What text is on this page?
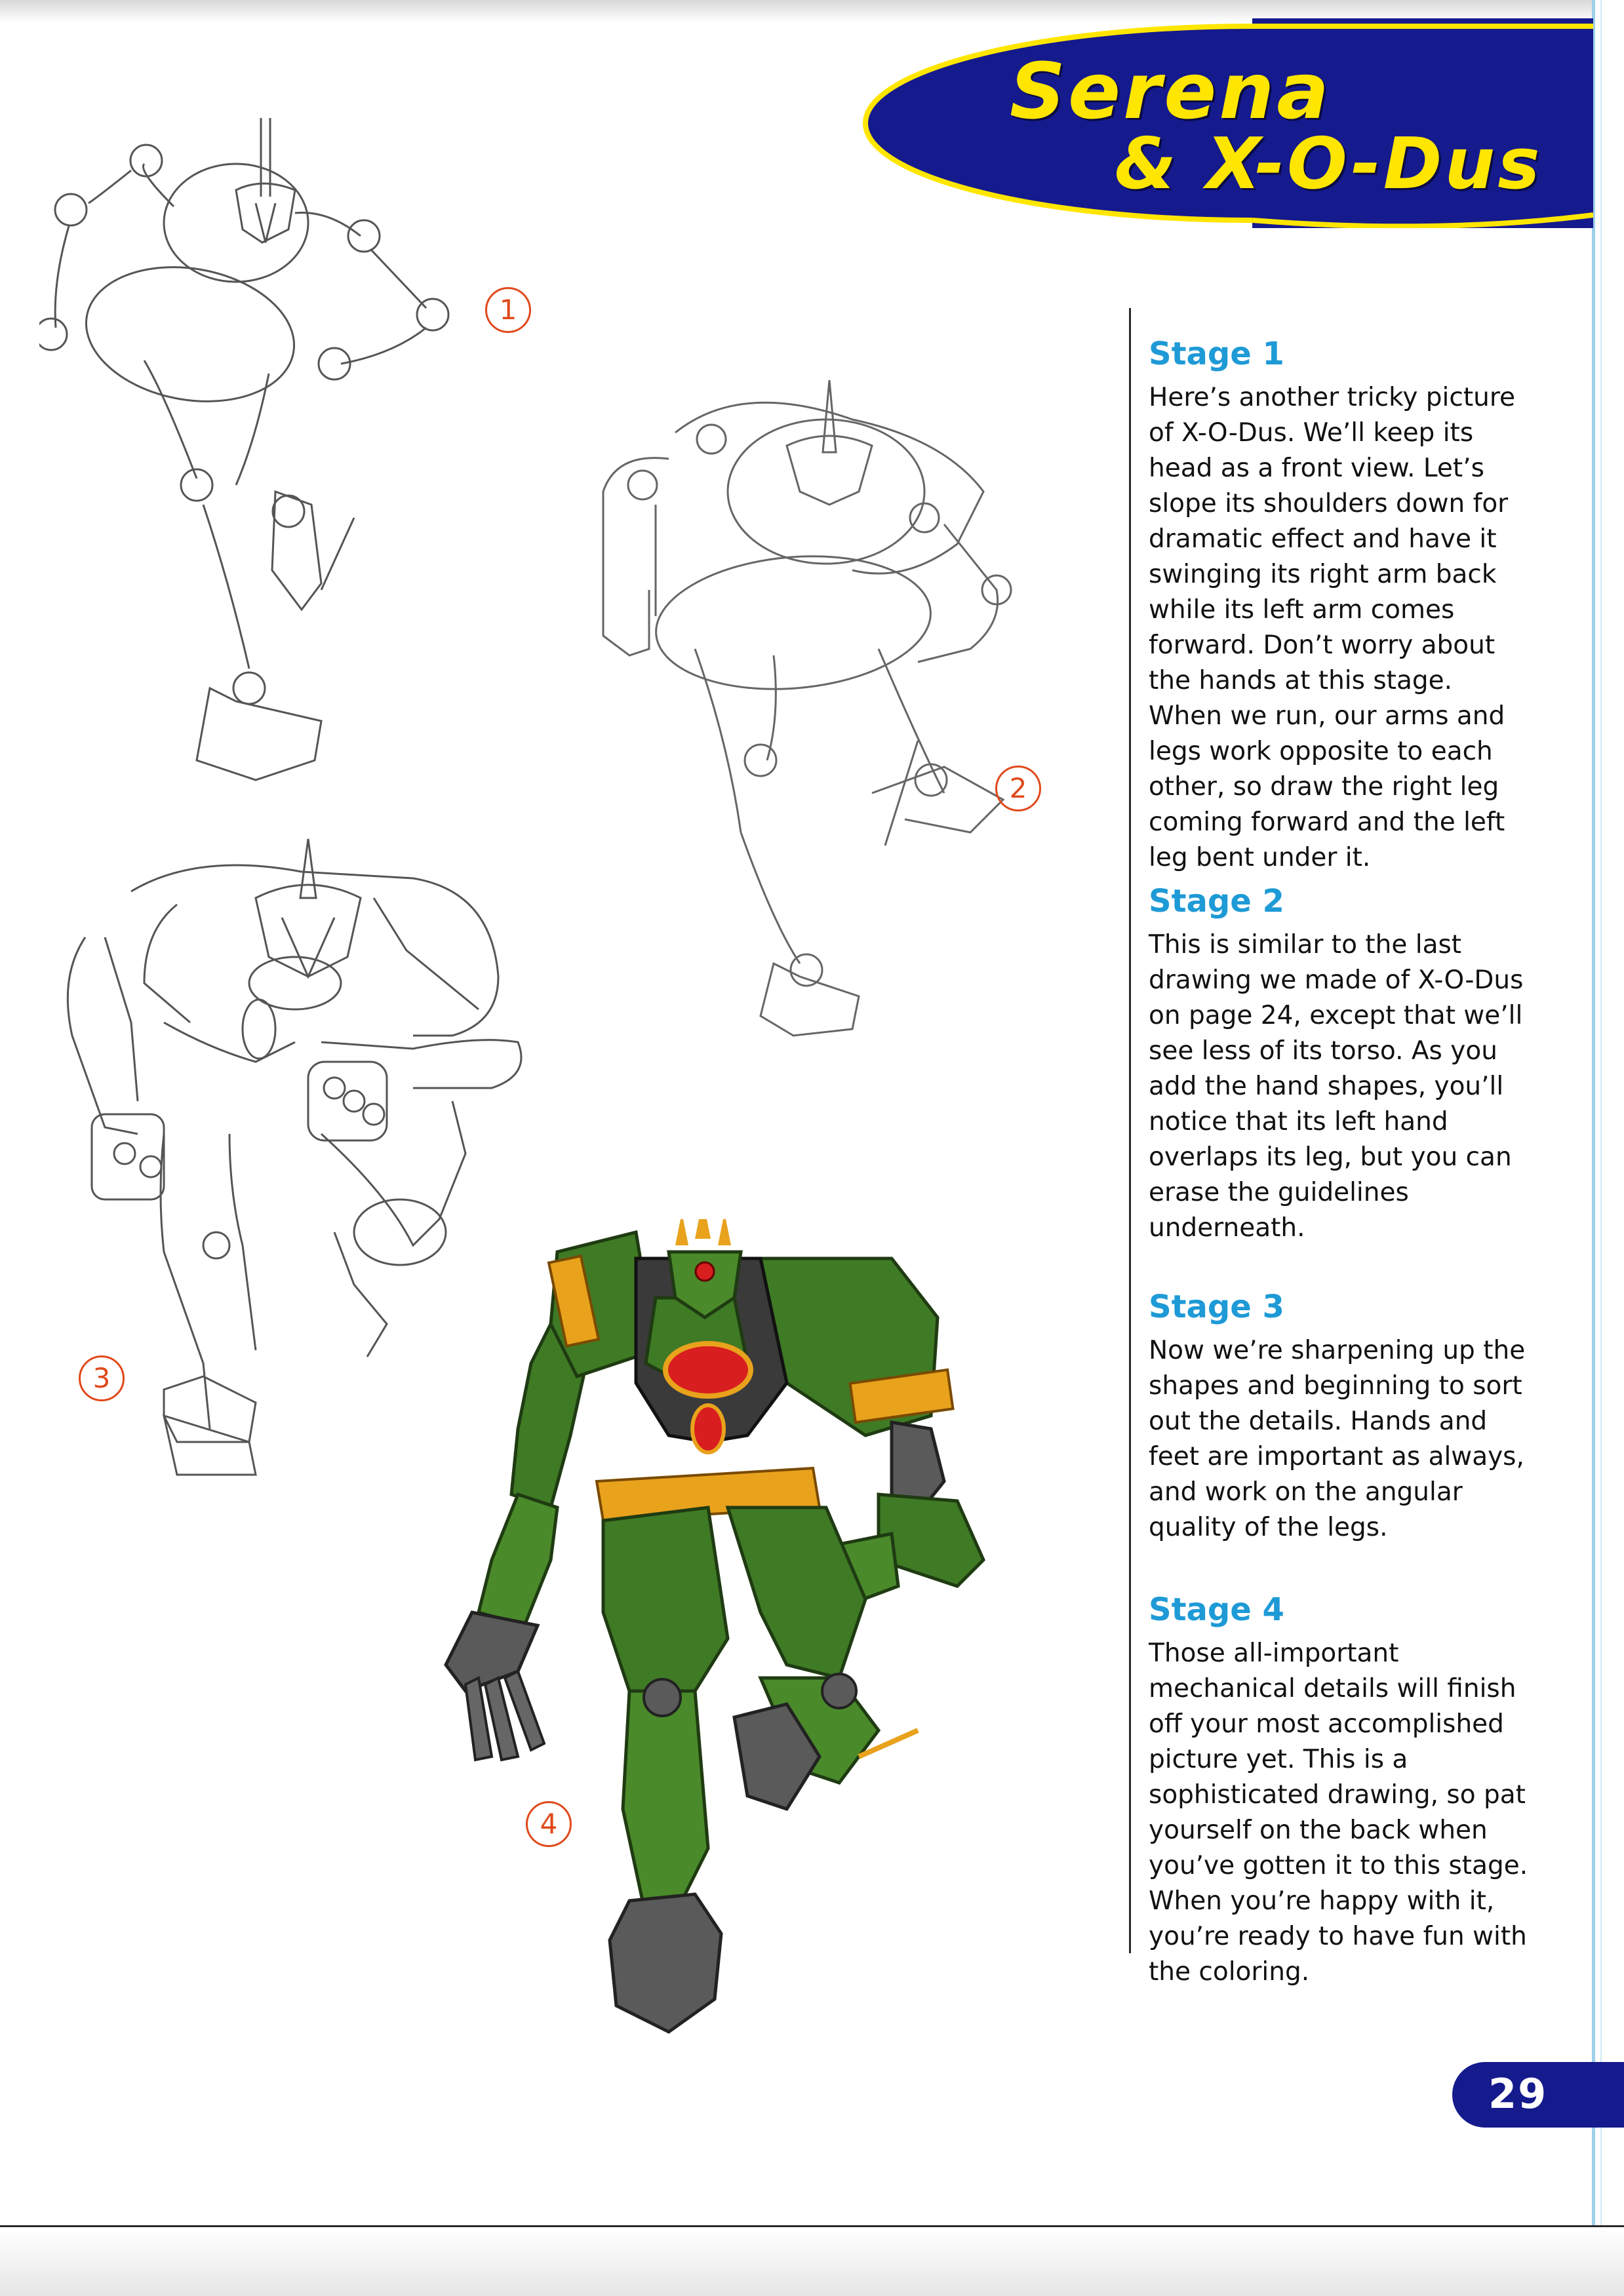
Serena
& X-O-Dus
1
2
3
4
Stage 1

Here’s another tricky picture of X-O-Dus. We’ll keep its head as a front view. Let’s slope its shoulders down for dramatic effect and have it swinging its right arm back while its left arm comes forward. Don’t worry about the hands at this stage. When we run, our arms and legs work opposite to each other, so draw the right leg coming forward and the left leg bent under it.

Stage 2

This is similar to the last drawing we made of X-O-Dus on page 24, except that we’ll see less of its torso. As you add the hand shapes, you’ll notice that its left hand overlaps its leg, but you can erase the guidelines underneath.

Stage 3

Now we’re sharpening up the shapes and beginning to sort out the details. Hands and feet are important as always, and work on the angular quality of the legs.

Stage 4

Those all-important mechanical details will finish off your most accomplished picture yet. This is a sophisticated drawing, so pat yourself on the back when you’ve gotten it to this stage. When you’re happy with it, you’re ready to have fun with the coloring.

29
